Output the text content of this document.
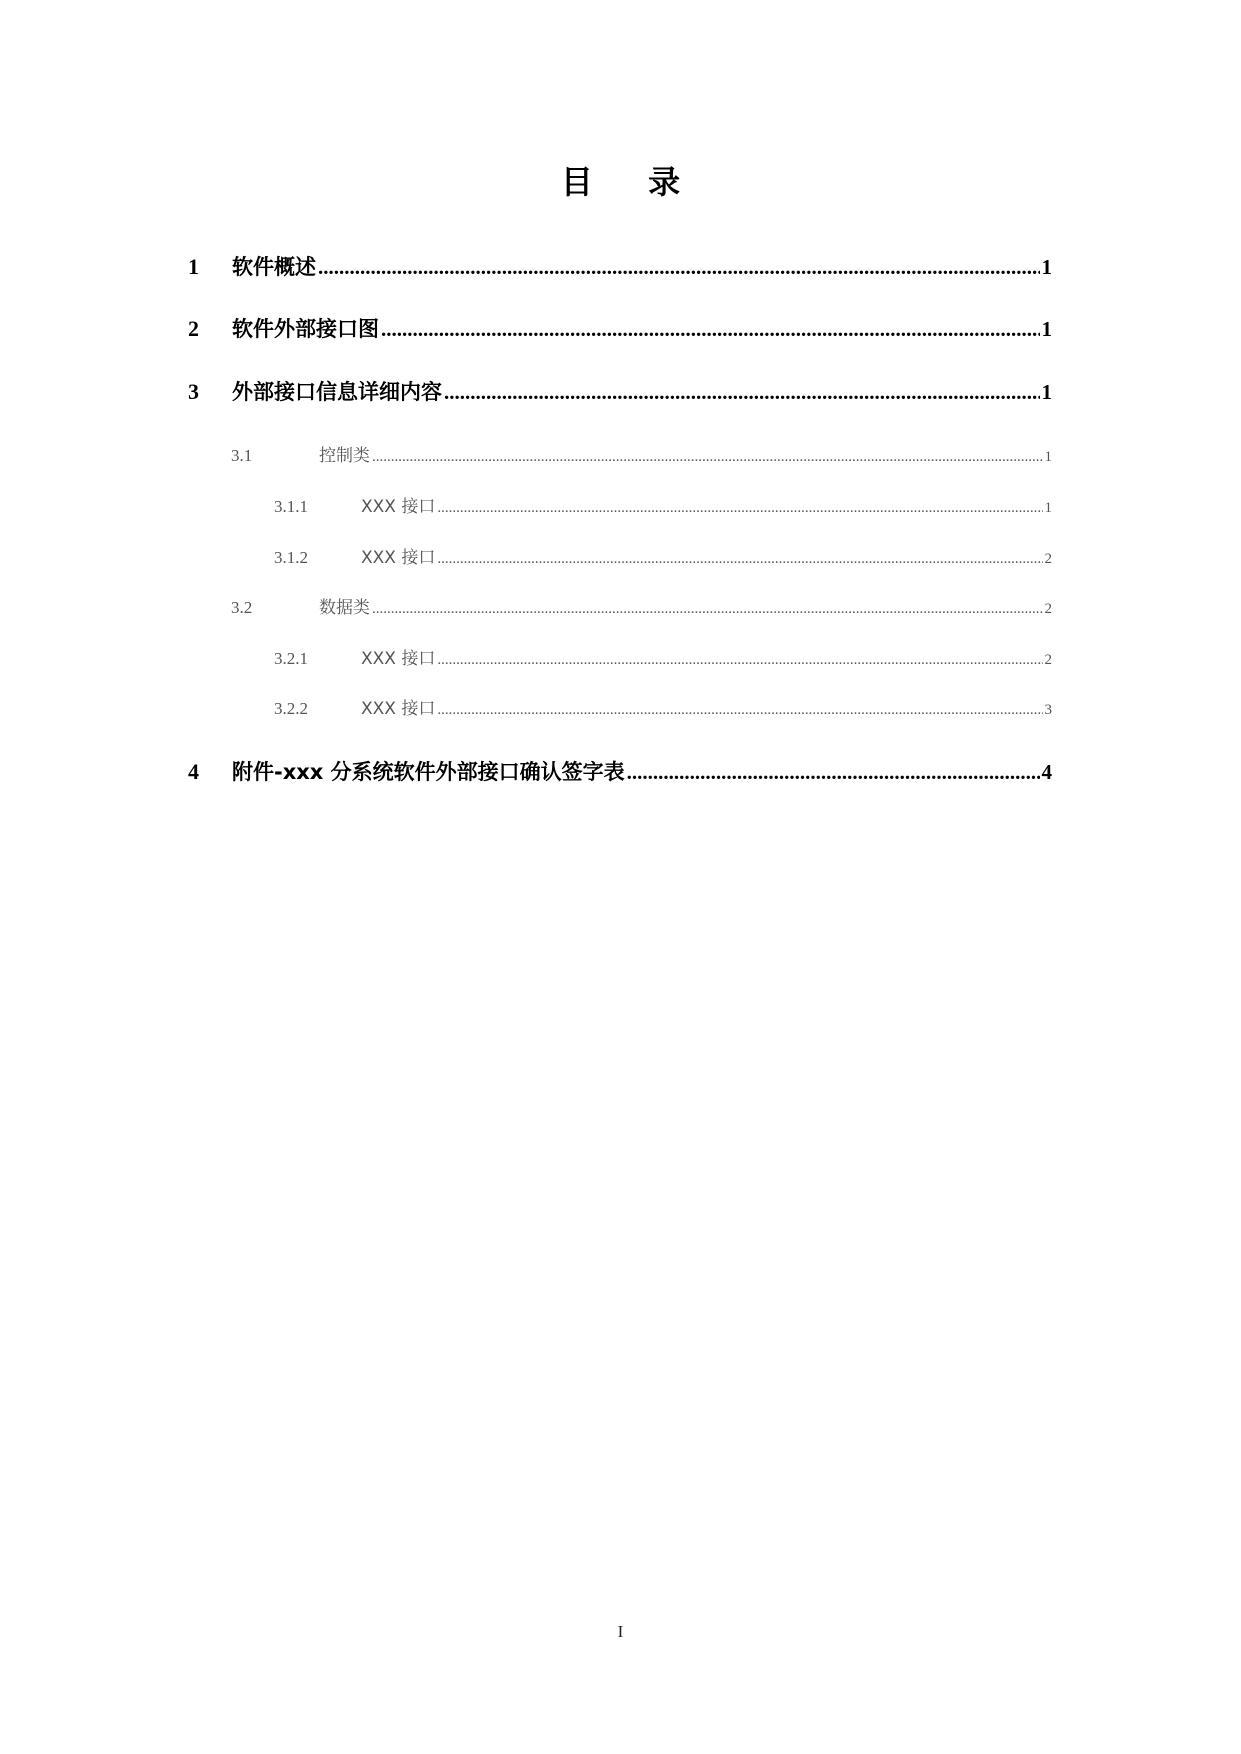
目 录
1	软件概述 .....	1
2	软件外部接口图 .....	1
3	外部接口信息详细内容 .....	1
3.1	控制类 .....	1
3.1.1	XXX 接口 .....	1
3.1.2	XXX 接口 .....	2
3.2	数据类 .....	2
3.2.1	XXX 接口 .....	2
3.2.2	XXX 接口 .....	3
4	附件-xxx 分系统软件外部接口确认签字表 .....	4
I
